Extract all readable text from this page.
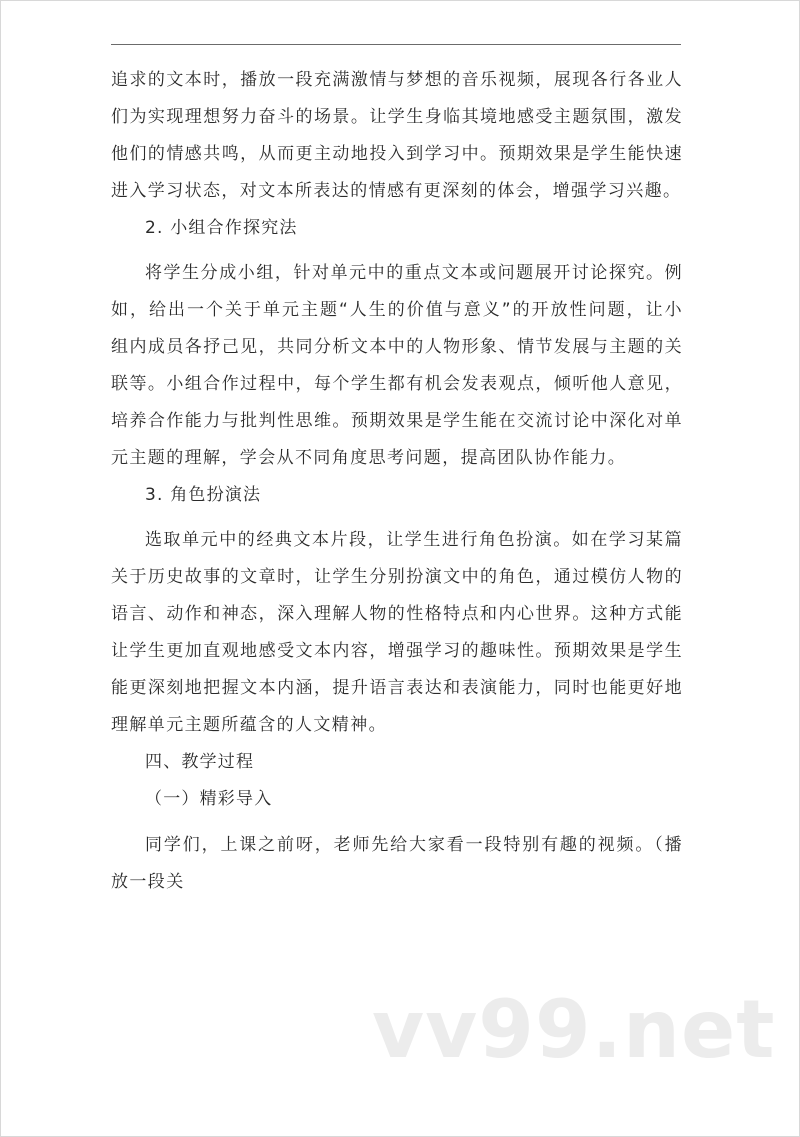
追求的文本时，播放一段充满激情与梦想的音乐视频，展现各行各业人们为实现理想努力奋斗的场景。让学生身临其境地感受主题氛围，激发他们的情感共鸣，从而更主动地投入到学习中。预期效果是学生能快速进入学习状态，对文本所表达的情感有更深刻的体会，增强学习兴趣。

2. 小组合作探究法

将学生分成小组，针对单元中的重点文本或问题展开讨论探究。例如，给出一个关于单元主题“人生的价值与意义”的开放性问题，让小组内成员各抒己见，共同分析文本中的人物形象、情节发展与主题的关联等。小组合作过程中，每个学生都有机会发表观点，倾听他人意见，培养合作能力与批判性思维。预期效果是学生能在交流讨论中深化对单元主题的理解，学会从不同角度思考问题，提高团队协作能力。

3. 角色扮演法

选取单元中的经典文本片段，让学生进行角色扮演。如在学习某篇关于历史故事的文章时，让学生分别扮演文中的角色，通过模仿人物的语言、动作和神态，深入理解人物的性格特点和内心世界。这种方式能让学生更加直观地感受文本内容，增强学习的趣味性。预期效果是学生能更深刻地把握文本内涵，提升语言表达和表演能力，同时也能更好地理解单元主题所蕴含的人文精神。

四、教学过程

（一）精彩导入

同学们，上课之前呀，老师先给大家看一段特别有趣的视频。（播放一段关

vv99.net
